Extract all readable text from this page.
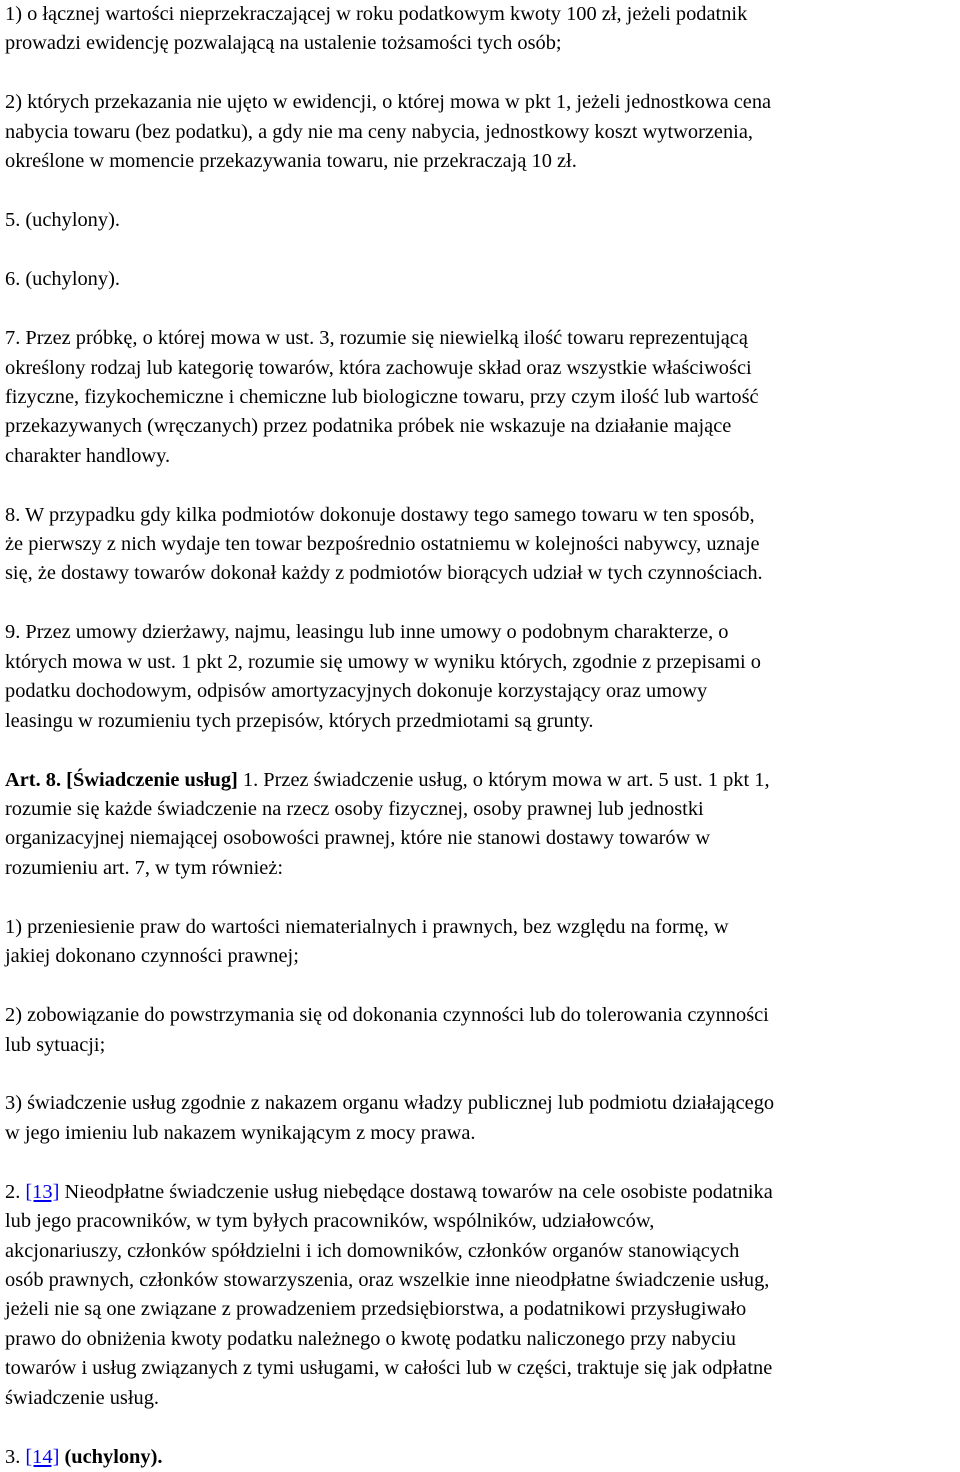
1) o łącznej wartości nieprzekraczającej w roku podatkowym kwoty 100 zł, jeżeli podatnik
prowadzi ewidencję pozwalającą na ustalenie tożsamości tych osób;

2) których przekazania nie ujęto w ewidencji, o której mowa w pkt 1, jeżeli jednostkowa cena
nabycia towaru (bez podatku), a gdy nie ma ceny nabycia, jednostkowy koszt wytworzenia,
określone w momencie przekazywania towaru, nie przekraczają 10 zł.

5. (uchylony).

6. (uchylony).

7. Przez próbkę, o której mowa w ust. 3, rozumie się niewielką ilość towaru reprezentującą
określony rodzaj lub kategorię towarów, która zachowuje skład oraz wszystkie właściwości
fizyczne, fizykochemiczne i chemiczne lub biologiczne towaru, przy czym ilość lub wartość
przekazywanych (wręczanych) przez podatnika próbek nie wskazuje na działanie mające
charakter handlowy.

8. W przypadku gdy kilka podmiotów dokonuje dostawy tego samego towaru w ten sposób,
że pierwszy z nich wydaje ten towar bezpośrednio ostatniemu w kolejności nabywcy, uznaje
się, że dostawy towarów dokonał każdy z podmiotów biorących udział w tych czynnościach.

9. Przez umowy dzierżawy, najmu, leasingu lub inne umowy o podobnym charakterze, o
których mowa w ust. 1 pkt 2, rozumie się umowy w wyniku których, zgodnie z przepisami o
podatku dochodowym, odpisów amortyzacyjnych dokonuje korzystający oraz umowy
leasingu w rozumieniu tych przepisów, których przedmiotami są grunty.

Art. 8. [Świadczenie usług] 1. Przez świadczenie usług, o którym mowa w art. 5 ust. 1 pkt 1,
rozumie się każde świadczenie na rzecz osoby fizycznej, osoby prawnej lub jednostki
organizacyjnej niemającej osobowości prawnej, które nie stanowi dostawy towarów w
rozumieniu art. 7, w tym również:

1) przeniesienie praw do wartości niematerialnych i prawnych, bez względu na formę, w
jakiej dokonano czynności prawnej;

2) zobowiązanie do powstrzymania się od dokonania czynności lub do tolerowania czynności
lub sytuacji;

3) świadczenie usług zgodnie z nakazem organu władzy publicznej lub podmiotu działającego
w jego imieniu lub nakazem wynikającym z mocy prawa.

2. [13] Nieodpłatne świadczenie usług niebędące dostawą towarów na cele osobiste podatnika
lub jego pracowników, w tym byłych pracowników, wspólników, udziałowców,
akcjonariuszy, członków spółdzielni i ich domowników, członków organów stanowiących
osób prawnych, członków stowarzyszenia, oraz wszelkie inne nieodpłatne świadczenie usług,
jeżeli nie są one związane z prowadzeniem przedsiębiorstwa, a podatnikowi przysługiwało
prawo do obniżenia kwoty podatku należnego o kwotę podatku naliczonego przy nabyciu
towarów i usług związanych z tymi usługami, w całości lub w części, traktuje się jak odpłatne
świadczenie usług.

3. [14] (uchylony).
